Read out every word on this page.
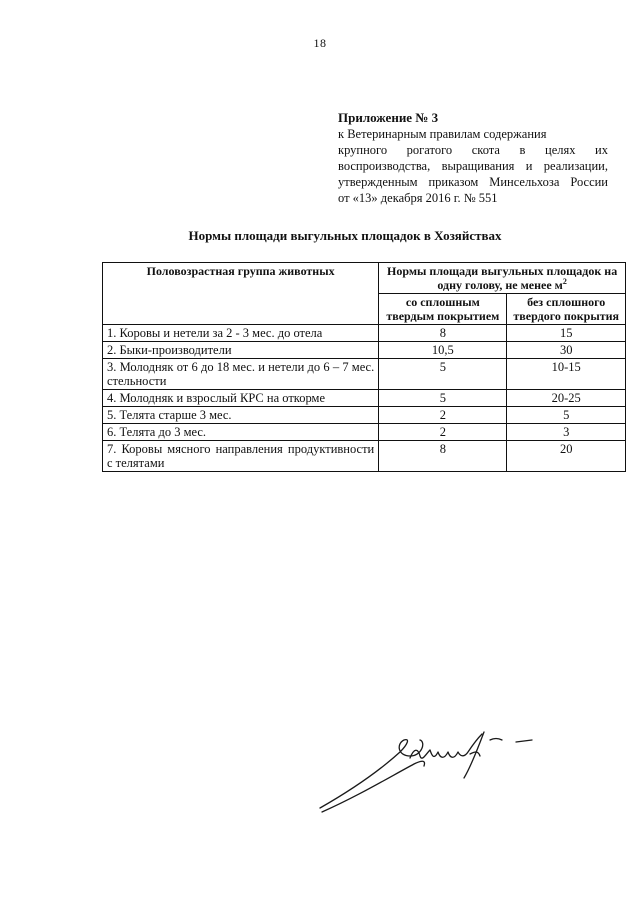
18
Приложение № 3
к Ветеринарным правилам содержания
крупного рогатого скота в целях их
воспроизводства, выращивания и реализации,
утвержденным приказом Минсельхоза России
от «13» декабря 2016 г. № 551
Нормы площади выгульных площадок в Хозяйствах
Половозрастная группа животных	Нормы площади выгульных площадок на одну голову, не менее $м^2$
	со сплошным твердым покрытием	без сплошного твердого покрытия
1. Коровы и нетели за 2 - 3 мес. до отела	8	15
2. Быки-производители	10,5	30
3. Молодняк от 6 до 18 мес. и нетели до 6 – 7 мес. стельности	5	10-15
4. Молодняк и взрослый КРС на откорме	5	20-25
5. Телята старше 3 мес.	2	5
6. Телята до 3 мес.	2	3
7. Коровы мясного направления продуктивности с телятами	8	20
